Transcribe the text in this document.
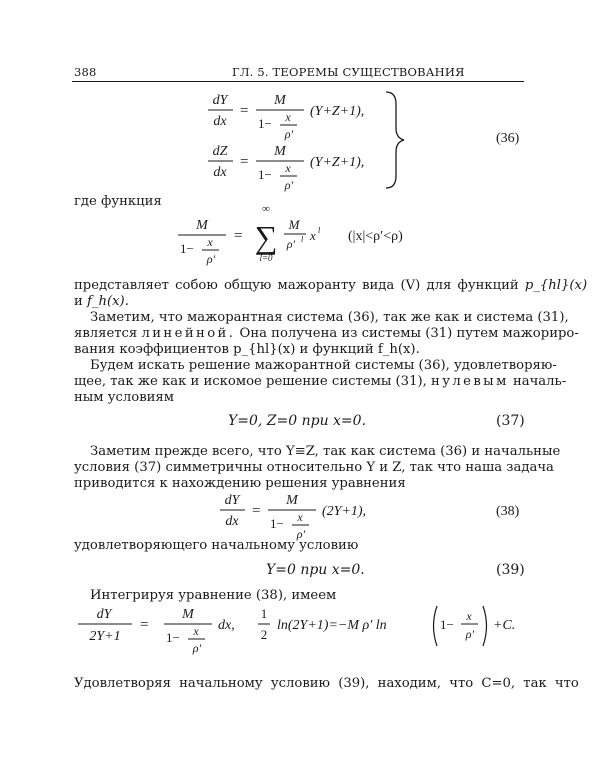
388	ГЛ. 5. ТЕОРЕМЫ СУЩЕСТВОВАНИЯ
dY
dx
=
M
1− x
ρ′
(Y+Z+1),
dZ
dx
=
M
1− x
ρ′
(Y+Z+1),
(36)
где функция
M
1− x
ρ′
=
∞
∑
l=0
M
ρ′ l x l (|x|<ρ′<ρ)
представляет собою общую мажоранту вида (V) для функций p_{hl}(x)
и f_h(x).
Заметим, что мажорантная система (36), так же как и система (31),
является линейной. Она получена из системы (31) путем мажориро-
вания коэффициентов p_{hl}(x) и функций f_h(x).
Будем искать решение мажорантной системы (36), удовлетворяю-
щее, так же как и искомое решение системы (31), нулевым началь-
ным условиям
Y=0, Z=0 при x=0.	(37)
Заметим прежде всего, что Y≡Z, так как система (36) и начальные
условия (37) симметричны относительно Y и Z, так что наша задача
приводится к нахождению решения уравнения
dY
dx
=
M
1− x
ρ′
(2Y+1),	(38)
удовлетворяющего начальному условию
Y=0 при x=0.	(39)
Интегрируя уравнение (38), имеем
dY
2Y+1
=
M
1− x
ρ′
dx,
1
2
ln(2Y+1)=−M ρ′ ln	1−
x
ρ′
+C.
Удовлетворяя начальному условию (39), находим, что C=0, так что
